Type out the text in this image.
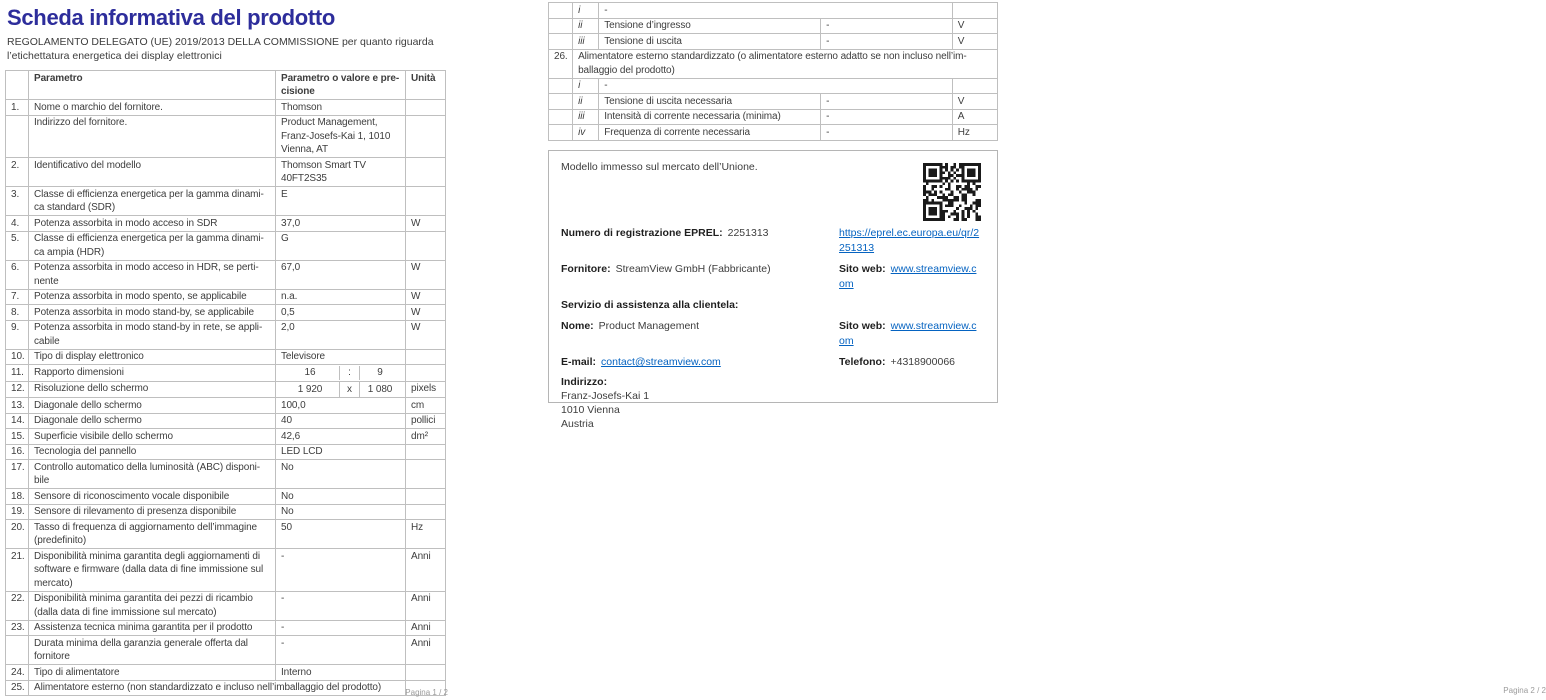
Scheda informativa del prodotto

REGOLAMENTO DELEGATO (UE) 2019/2013 DELLA COMMISSIONE per quanto riguarda l’etichettatura energetica dei display elettronici

	Parametro	Parametro o valore e precisione	Unità
1.	Nome o marchio del fornitore.	Thomson	
	Indirizzo del fornitore.	Product Management, Franz-Josefs-Kai 1, 1010 Vienna, AT	
2.	Identificativo del modello	Thomson Smart TV 40FT2S35	
3.	Classe di efficienza energetica per la gamma dinamica standard (SDR)	E	
4.	Potenza assorbita in modo acceso in SDR	37,0	W
5.	Classe di efficienza energetica per la gamma dinamica ampia (HDR)	G	
6.	Potenza assorbita in modo acceso in HDR, se pertinente	67,0	W
7.	Potenza assorbita in modo spento, se applicabile	n.a.	W
8.	Potenza assorbita in modo stand-by, se applicabile	0,5	W
9.	Potenza assorbita in modo stand-by in rete, se applicabile	2,0	W
10.	Tipo di display elettronico	Televisore	
11.	Rapporto dimensioni	16 : 9	

12.	Risoluzione dello schermo	1 920 x 1 080	pixels
13.	Diagonale dello schermo	100,0	cm
14.	Diagonale dello schermo	40	pollici
15.	Superficie visibile dello schermo	42,6	dm²
16.	Tecnologia del pannello	LED LCD	
17.	Controllo automatico della luminosità (ABC) disponibile	No	
18.	Sensore di riconoscimento vocale disponibile	No	
19.	Sensore di rilevamento di presenza disponibile	No	
20.	Tasso di frequenza di aggiornamento dell’immagine (predefinito)	50	Hz
21.	Disponibilità minima garantita degli aggiornamenti di software e firmware (dalla data di fine immissione sul mercato)	-	Anni
22.	Disponibilità minima garantita dei pezzi di ricambio (dalla data di fine immissione sul mercato)	-	Anni
23.	Assistenza tecnica minima garantita per il prodotto	-	Anni
	Durata minima della garanzia generale offerta dal fornitore	-	Anni
24.	Tipo di alimentatore	Interno	
25.	Alimentatore esterno (non standardizzato e incluso nell’imballaggio del prodotto)			Pagina 1 / 2
	i	-		
	ii	Tensione d’ingresso	-	V
	iii	Tensione di uscita	-	V
26.	Alimentatore esterno standardizzato (o alimentatore esterno adatto se non incluso nell’imballaggio del prodotto)			
	i	-		
	ii	Tensione di uscita necessaria	-	V
	iii	Intensità di corrente necessaria (minima)	-	A
	iv	Frequenza di corrente necessaria	-	Hz
Modello immesso sul mercato dell’Unione.
Numero di registrazione EPREL: 2251313	https://eprel.ec.europa.eu/qr/2251313
Fornitore: StreamView GmbH (Fabbricante)	Sito web: www.streamview.com
Servizio di assistenza alla clientela:
Nome: Product Management	Sito web: www.streamview.com
E-mail: contact@streamview.com	Telefono: +4318900066
Indirizzo:
Franz-Josefs-Kai 1
1010 Vienna
Austria
Pagina 2 / 2
